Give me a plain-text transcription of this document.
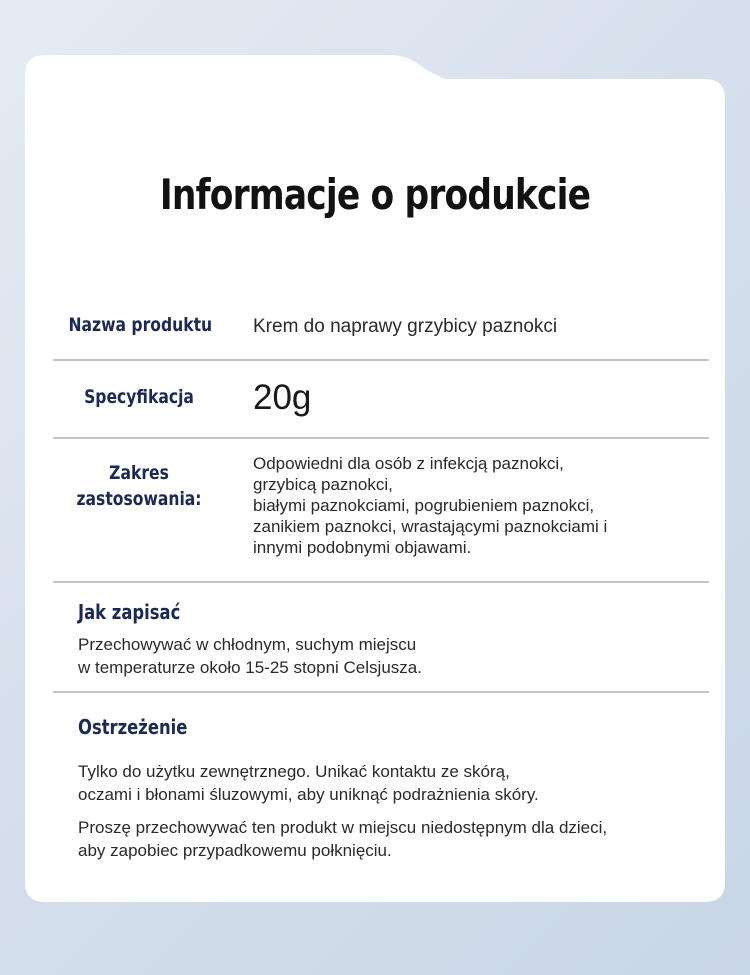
Informacje o produkcie
Nazwa produktu Krem do naprawy grzybicy paznokci
Specyfikacja	20g
Zakres
zastosowania:
Odpowiedni dla osób z infekcją paznokci,
grzybicą paznokci,
białymi paznokciami, pogrubieniem paznokci,
zanikiem paznokci, wrastającymi paznokciami i
innymi podobnymi objawami.
Jak zapisać

Przechowywać w chłodnym, suchym miejscu
w temperaturze około 15-25 stopni Celsjusza.

Ostrzeżenie

Tylko do użytku zewnętrznego. Unikać kontaktu ze skórą,
oczami i błonami śluzowymi, aby uniknąć podrażnienia skóry.

Proszę przechowywać ten produkt w miejscu niedostępnym dla dzieci,
aby zapobiec przypadkowemu połknięciu.
